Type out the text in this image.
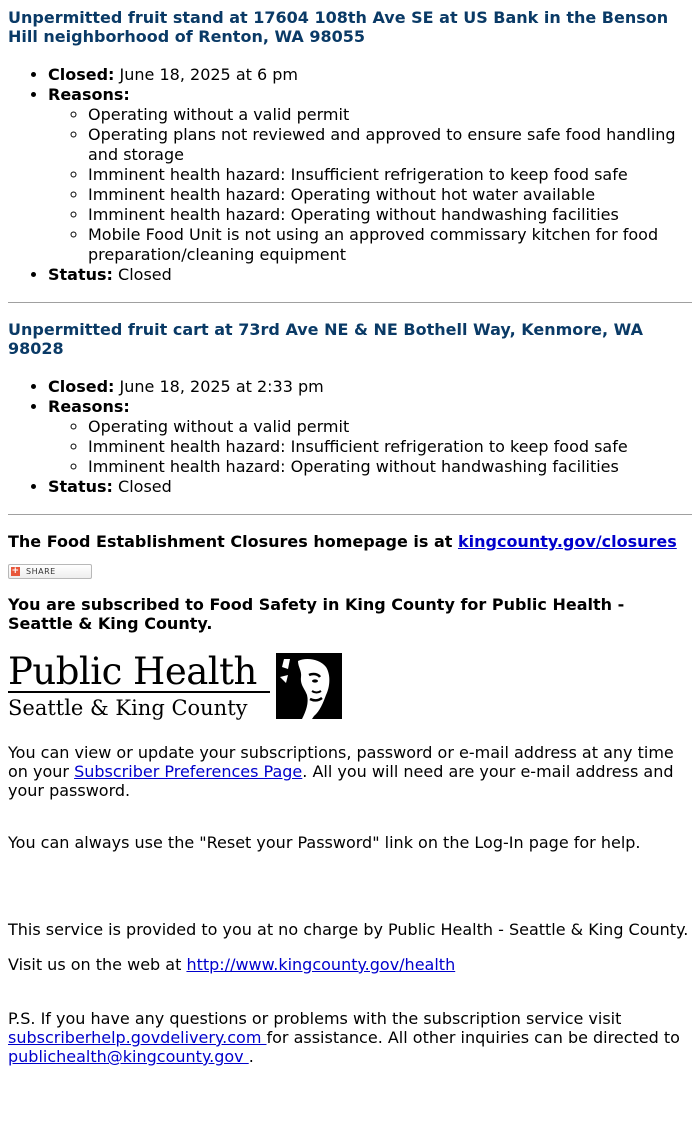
Unpermitted fruit stand at 17604 108th Ave SE at US Bank in the Benson Hill neighborhood of Renton, WA 98055
• Closed: June 18, 2025 at 6 pm
• Reasons:
◦ Operating without a valid permit
◦ Operating plans not reviewed and approved to ensure safe food handling and storage
◦ Imminent health hazard: Insufficient refrigeration to keep food safe
◦ Imminent health hazard: Operating without hot water available
◦ Imminent health hazard: Operating without handwashing facilities
◦ Mobile Food Unit is not using an approved commissary kitchen for food preparation/cleaning equipment
• Status: Closed
Unpermitted fruit cart at 73rd Ave NE & NE Bothell Way, Kenmore, WA 98028
• Closed: June 18, 2025 at 2:33 pm
• Reasons:
◦ Operating without a valid permit
◦ Imminent health hazard: Insufficient refrigeration to keep food safe
◦ Imminent health hazard: Operating without handwashing facilities
• Status: Closed

The Food Establishment Closures homepage is at kingcounty.gov/closures

+ SHARE

You are subscribed to Food Safety in King County for Public Health - Seattle & King County.

Public Health
Seattle & King County

You can view or update your subscriptions, password or e-mail address at any time on your Subscriber Preferences Page. All you will need are your e-mail address and your password.

You can always use the "Reset your Password" link on the Log-In page for help.

This service is provided to you at no charge by Public Health - Seattle & King County.

Visit us on the web at http://www.kingcounty.gov/health

P.S. If you have any questions or problems with the subscription service visit subscriberhelp.govdelivery.com for assistance. All other inquiries can be directed to publichealth@kingcounty.gov .
